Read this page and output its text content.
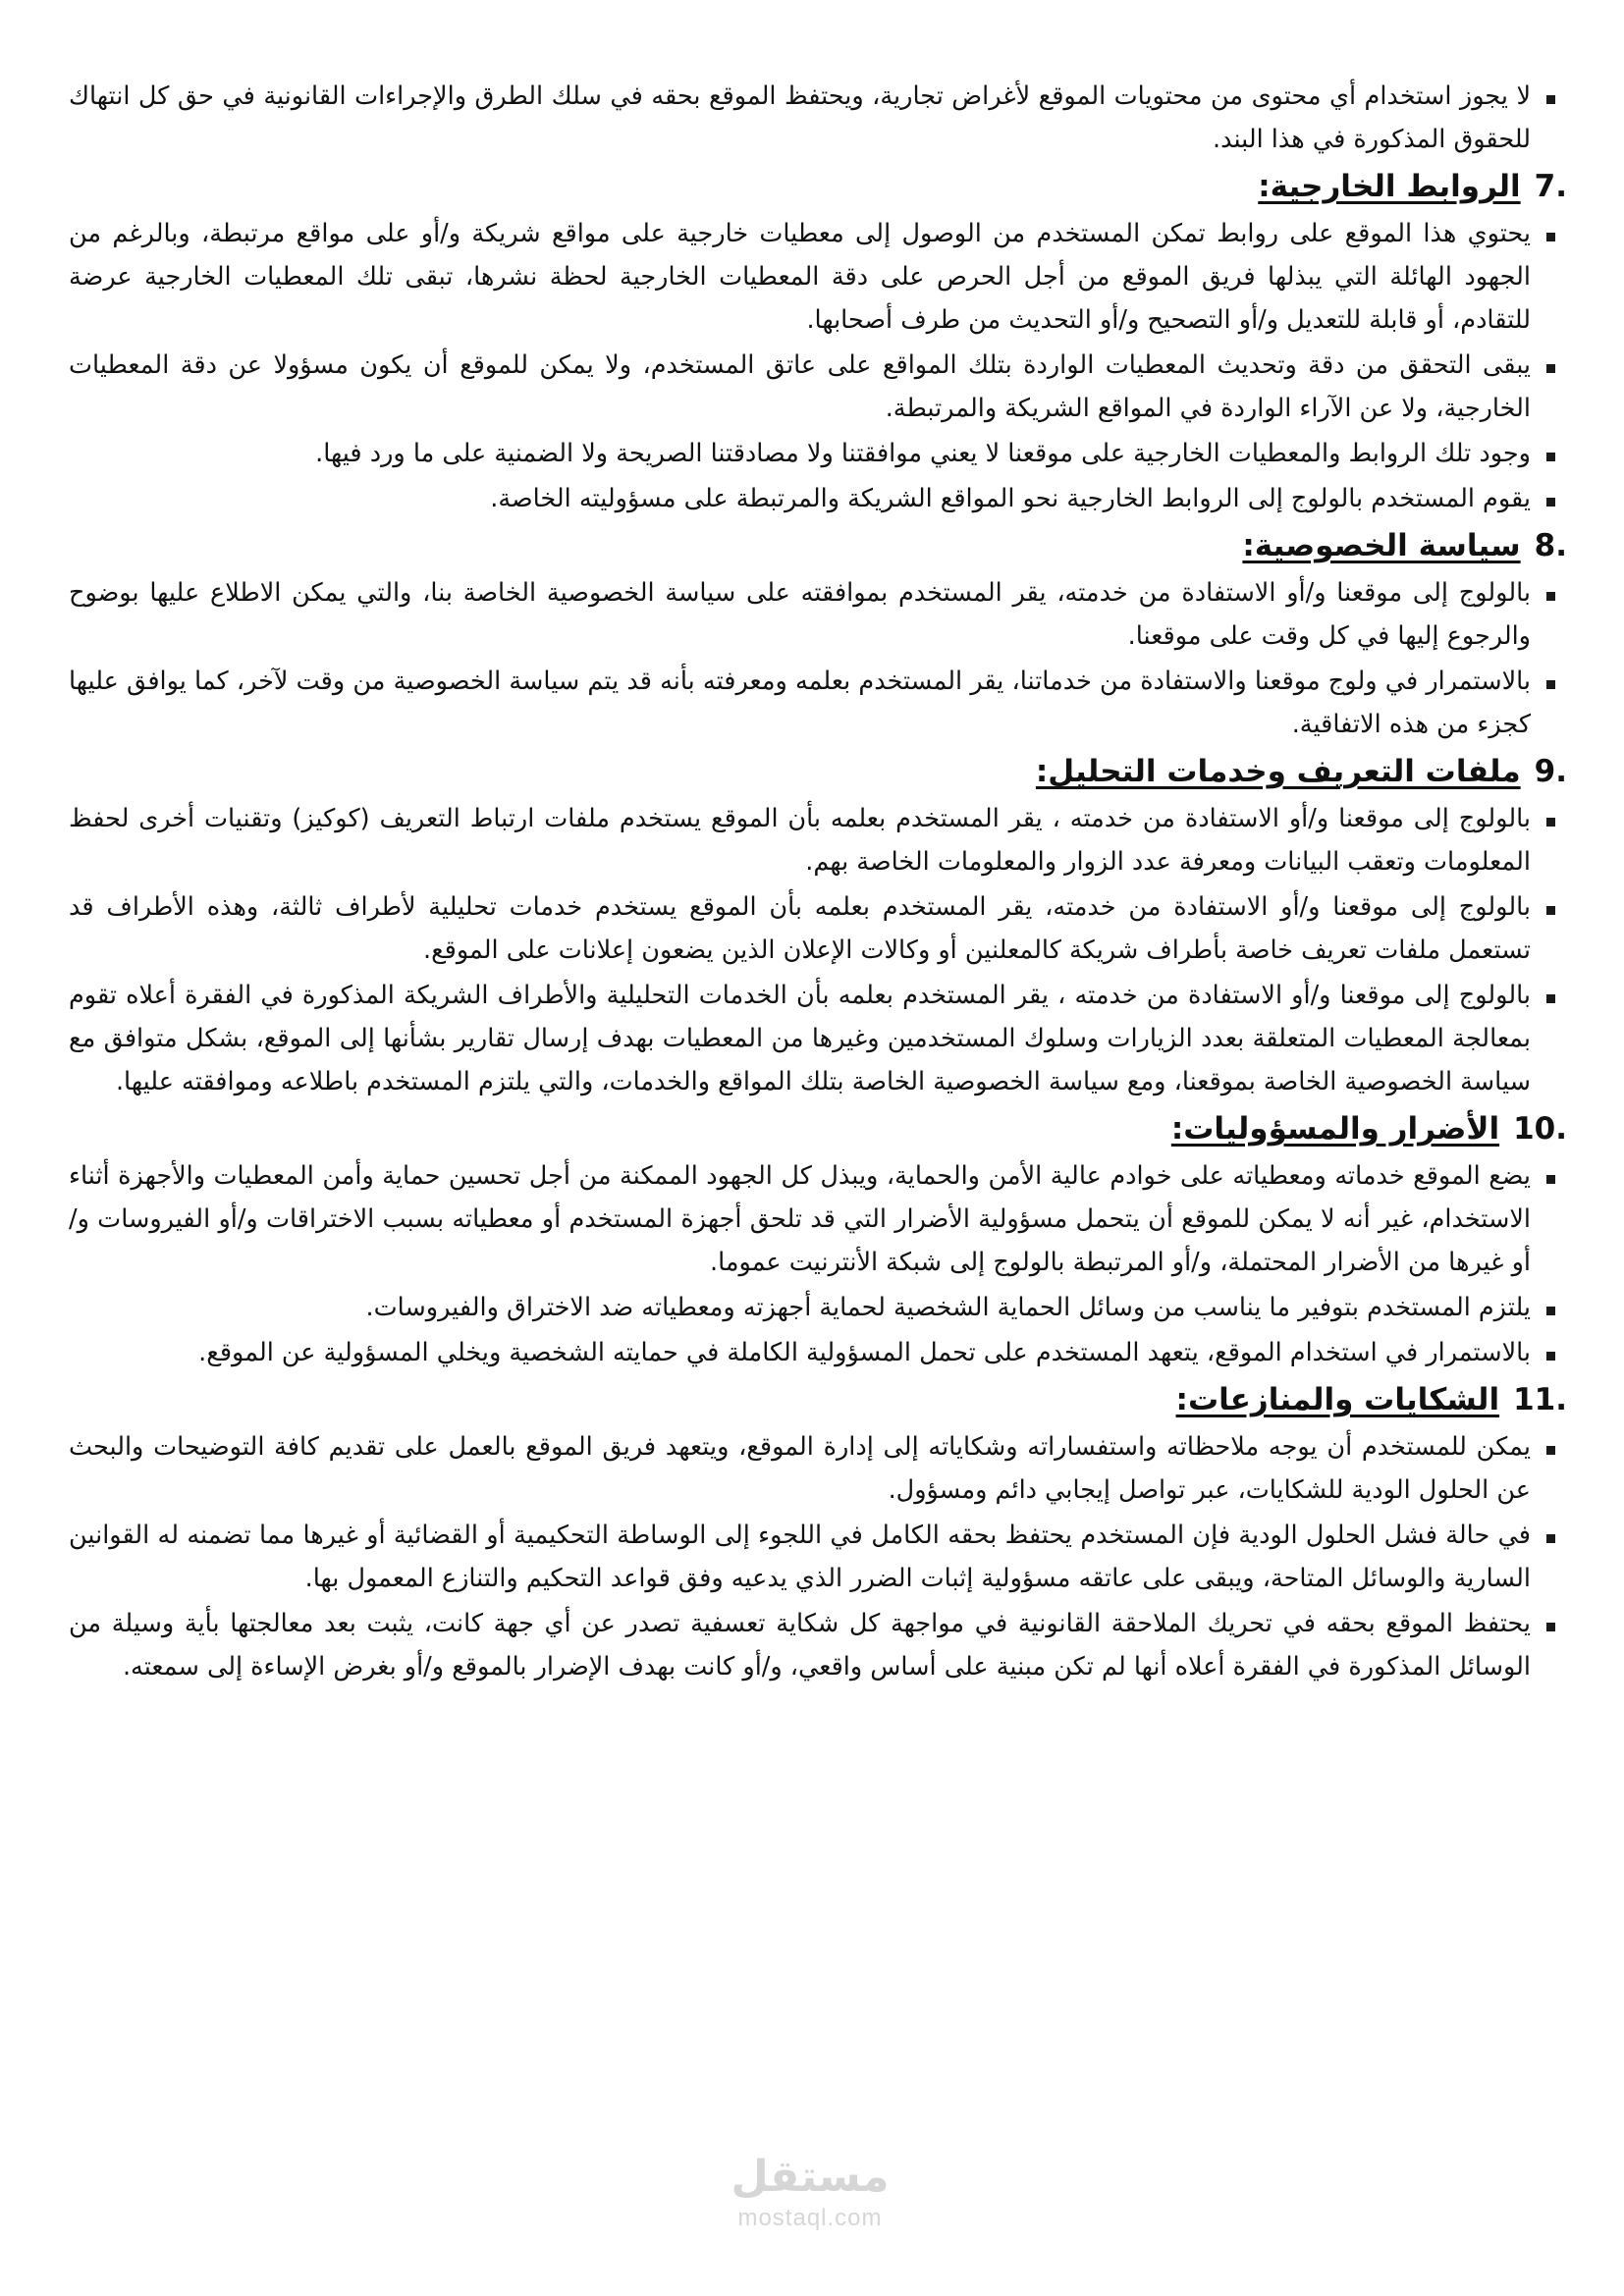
لا يجوز استخدام أي محتوى من محتويات الموقع لأغراض تجارية، ويحتفظ الموقع بحقه في سلك الطرق والإجراءات القانونية في حق كل انتهاك للحقوق المذكورة في هذا البند.
7.
الروابط الخارجية:
يحتوي هذا الموقع على روابط تمكن المستخدم من الوصول إلى معطيات خارجية على مواقع شريكة و/أو على مواقع مرتبطة، وبالرغم من الجهود الهائلة التي يبذلها فريق الموقع من أجل الحرص على دقة المعطيات الخارجية لحظة نشرها، تبقى تلك المعطيات الخارجية عرضة للتقادم، أو قابلة للتعديل و/أو التصحيح و/أو التحديث من طرف أصحابها.
يبقى التحقق من دقة وتحديث المعطيات الواردة بتلك المواقع على عاتق المستخدم، ولا يمكن للموقع أن يكون مسؤولا عن دقة المعطيات الخارجية، ولا عن الآراء الواردة في المواقع الشريكة والمرتبطة.
وجود تلك الروابط والمعطيات الخارجية على موقعنا لا يعني موافقتنا ولا مصادقتنا الصريحة ولا الضمنية على ما ورد فيها.
يقوم المستخدم بالولوج إلى الروابط الخارجية نحو المواقع الشريكة والمرتبطة على مسؤوليته الخاصة.
8.
سياسة الخصوصية:
بالولوج إلى موقعنا و/أو الاستفادة من خدمته، يقر المستخدم بموافقته على سياسة الخصوصية الخاصة بنا، والتي يمكن الاطلاع عليها بوضوح والرجوع إليها في كل وقت على موقعنا.
بالاستمرار في ولوج موقعنا والاستفادة من خدماتنا، يقر المستخدم بعلمه ومعرفته بأنه قد يتم سياسة الخصوصية من وقت لآخر، كما يوافق عليها كجزء من هذه الاتفاقية.
9.
ملفات التعريف وخدمات التحليل:
بالولوج إلى موقعنا و/أو الاستفادة من خدمته ، يقر المستخدم بعلمه بأن الموقع يستخدم ملفات ارتباط التعريف (كوكيز) وتقنيات أخرى لحفظ المعلومات وتعقب البيانات ومعرفة عدد الزوار والمعلومات الخاصة بهم.
بالولوج إلى موقعنا و/أو الاستفادة من خدمته، يقر المستخدم بعلمه بأن الموقع يستخدم خدمات تحليلية لأطراف ثالثة، وهذه الأطراف قد تستعمل ملفات تعريف خاصة بأطراف شريكة كالمعلنين أو وكالات الإعلان الذين يضعون إعلانات على الموقع.
بالولوج إلى موقعنا و/أو الاستفادة من خدمته ، يقر المستخدم بعلمه بأن الخدمات التحليلية والأطراف الشريكة المذكورة في الفقرة أعلاه تقوم بمعالجة المعطيات المتعلقة بعدد الزيارات وسلوك المستخدمين وغيرها من المعطيات بهدف إرسال تقارير بشأنها إلى الموقع، بشكل متوافق مع سياسة الخصوصية الخاصة بموقعنا، ومع سياسة الخصوصية الخاصة بتلك المواقع والخدمات، والتي يلتزم المستخدم باطلاعه وموافقته عليها.
10.
الأضرار والمسؤوليات:
يضع الموقع خدماته ومعطياته على خوادم عالية الأمن والحماية، ويبذل كل الجهود الممكنة من أجل تحسين حماية وأمن المعطيات والأجهزة أثناء الاستخدام، غير أنه لا يمكن للموقع أن يتحمل مسؤولية الأضرار التي قد تلحق أجهزة المستخدم أو معطياته بسبب الاختراقات و/أو الفيروسات و/أو غيرها من الأضرار المحتملة، و/أو المرتبطة بالولوج إلى شبكة الأنترنيت عموما.
يلتزم المستخدم بتوفير ما يناسب من وسائل الحماية الشخصية لحماية أجهزته ومعطياته ضد الاختراق والفيروسات.
بالاستمرار في استخدام الموقع، يتعهد المستخدم على تحمل المسؤولية الكاملة في حمايته الشخصية ويخلي المسؤولية عن الموقع.
11.
الشكايات والمنازعات:
يمكن للمستخدم أن يوجه ملاحظاته واستفساراته وشكاياته إلى إدارة الموقع، ويتعهد فريق الموقع بالعمل على تقديم كافة التوضيحات والبحث عن الحلول الودية للشكايات، عبر تواصل إيجابي دائم ومسؤول.
في حالة فشل الحلول الودية فإن المستخدم يحتفظ بحقه الكامل في اللجوء إلى الوساطة التحكيمية أو القضائية أو غيرها مما تضمنه له القوانين السارية والوسائل المتاحة، ويبقى على عاتقه مسؤولية إثبات الضرر الذي يدعيه وفق قواعد التحكيم والتنازع المعمول بها.
يحتفظ الموقع بحقه في تحريك الملاحقة القانونية في مواجهة كل شكاية تعسفية تصدر عن أي جهة كانت، يثبت بعد معالجتها بأية وسيلة من الوسائل المذكورة في الفقرة أعلاه أنها لم تكن مبنية على أساس واقعي، و/أو كانت بهدف الإضرار بالموقع و/أو بغرض الإساءة إلى سمعته.
مستقل
mostaql.com
